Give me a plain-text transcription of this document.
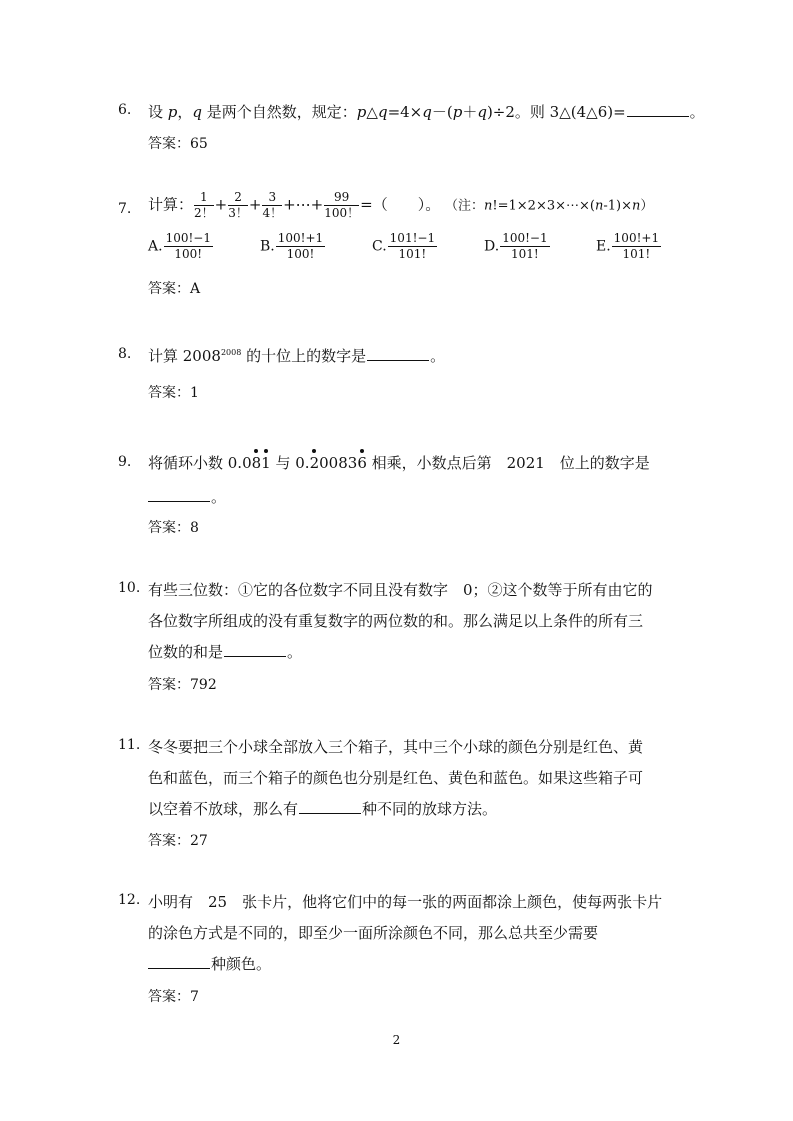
6. 设 p，q 是两个自然数，规定：p△q=4×q－(p＋q)÷2。则 3△(4△6)=	。
答案：65
7. 计算： $\frac{1}{2!} + \frac{2}{3!} + \frac{3}{4!}$ +⋯+ $\frac{99}{100!}$ =（　　）。 （注：n!=1×2×3×⋯×(n-1)×n）
A. $\frac{100!-1}{100!}$	B. $\frac{100!+1}{100!}$	C. $\frac{101!-1}{101!}$	D. $\frac{100!-1}{101!}$	E. $\frac{100!+1}{101!}$
答案：A
8. 计算 $2008^{2008}$ 的十位上的数字是	。
答案：1
9. 将循环小数 0.081 与 0.200836 相乘，小数点后第　2021　位上的数字是
。
答案：8
10. 有些三位数：①它的各位数字不同且没有数字　0；②这个数等于所有由它的
各位数字所组成的没有重复数字的两位数的和。那么满足以上条件的所有三
位数的和是	。
答案：792
11. 冬冬要把三个小球全部放入三个箱子，其中三个小球的颜色分别是红色、黄
色和蓝色，而三个箱子的颜色也分别是红色、黄色和蓝色。如果这些箱子可
以空着不放球，那么有	种不同的放球方法。
答案：27
12. 小明有　25　张卡片，他将它们中的每一张的两面都涂上颜色，使每两张卡片
的涂色方式是不同的，即至少一面所涂颜色不同，那么总共至少需要
种颜色。
答案：7
2
